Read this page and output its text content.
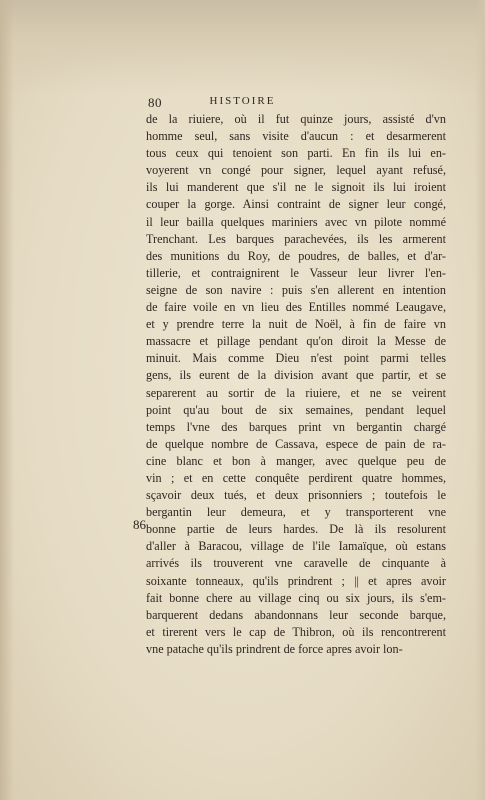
80	HISTOIRE
86
de la riuiere, où il fut quinze jours, assisté d'vn
homme seul, sans visite d'aucun : et desarmerent
tous ceux qui tenoient son parti. En fin ils lui en-
voyerent vn congé pour signer, lequel ayant refusé,
ils lui manderent que s'il ne le signoit ils lui iroient
couper la gorge. Ainsi contraint de signer leur congé,
il leur bailla quelques mariniers avec vn pilote nommé
Trenchant. Les barques parachevées, ils les armerent
des munitions du Roy, de poudres, de balles, et d'ar-
tillerie, et contraignirent le Vasseur leur livrer l'en-
seigne de son navire : puis s'en allerent en intention
de faire voile en vn lieu des Entilles nommé Leaugave,
et y prendre terre la nuit de Noël, à fin de faire vn
massacre et pillage pendant qu'on diroit la Messe de
minuit. Mais comme Dieu n'est point parmi telles
gens, ils eurent de la division avant que partir, et se
separerent au sortir de la riuiere, et ne se veirent
point qu'au bout de six semaines, pendant lequel
temps l'vne des barques print vn bergantin chargé
de quelque nombre de Cassava, espece de pain de ra-
cine blanc et bon à manger, avec quelque peu de
vin ; et en cette conquête perdirent quatre hommes,
sçavoir deux tués, et deux prisonniers ; toutefois le
bergantin leur demeura, et y transporterent vne
bonne partie de leurs hardes. De là ils resolurent
d'aller à Baracou, village de l'ile Iamaïque, où estans
arrivés ils trouverent vne caravelle de cinquante à
soixante tonneaux, qu'ils prindrent ; || et apres avoir
fait bonne chere au village cinq ou six jours, ils s'em-
barquerent dedans abandonnans leur seconde barque,
et tirerent vers le cap de Thibron, où ils rencontrerent
vne patache qu'ils prindrent de force apres avoir lon-
